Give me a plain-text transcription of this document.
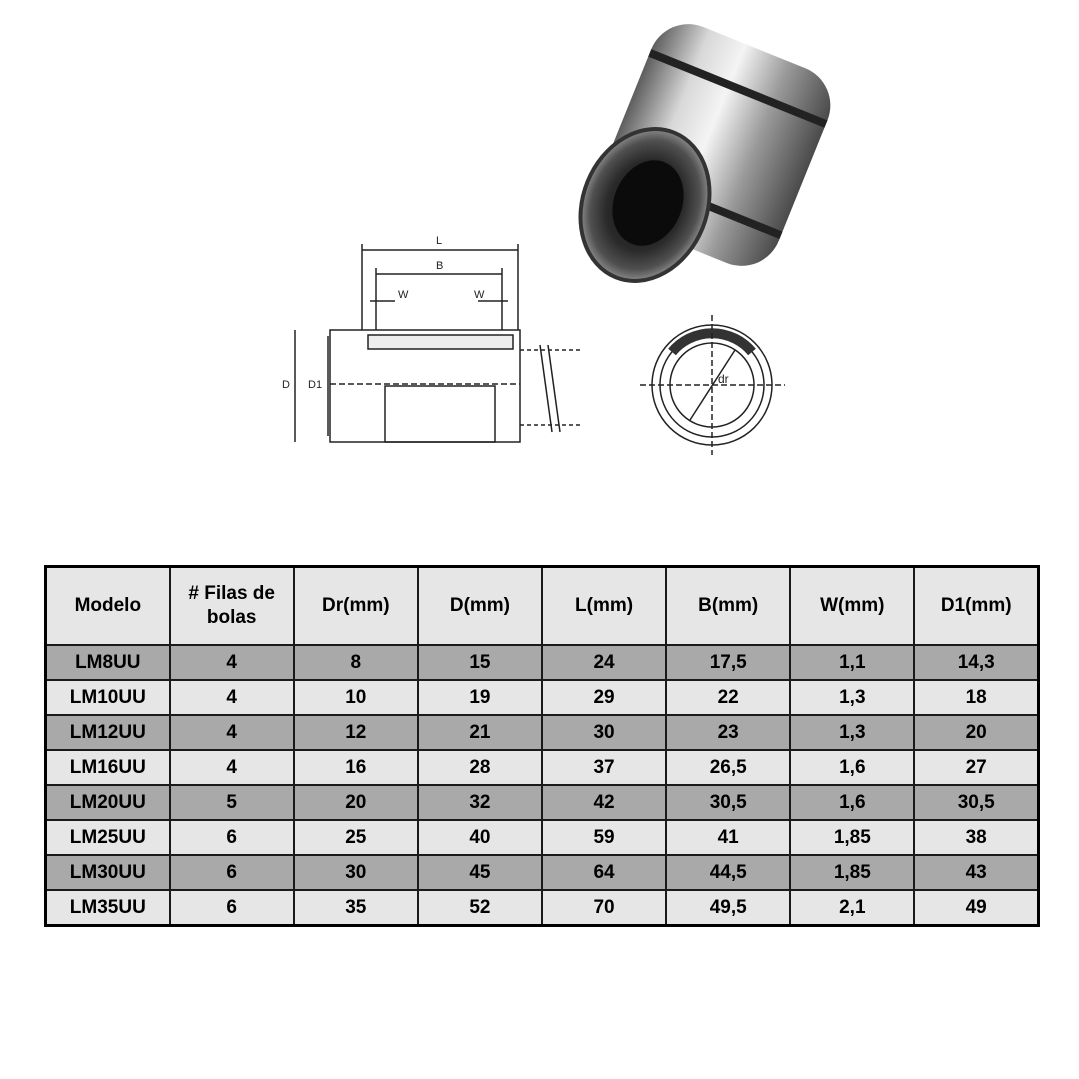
L
B
W	W
D D1	dr
Modelo	# Filas de bolas	Dr(mm)	D(mm)	L(mm)	B(mm)	W(mm)	D1(mm)
LM8UU	4	8	15	24	17,5	1,1	14,3
LM10UU	4	10	19	29	22	1,3	18
LM12UU	4	12	21	30	23	1,3	20
LM16UU	4	16	28	37	26,5	1,6	27
LM20UU	5	20	32	42	30,5	1,6	30,5
LM25UU	6	25	40	59	41	1,85	38
LM30UU	6	30	45	64	44,5	1,85	43
LM35UU	6	35	52	70	49,5	2,1	49
